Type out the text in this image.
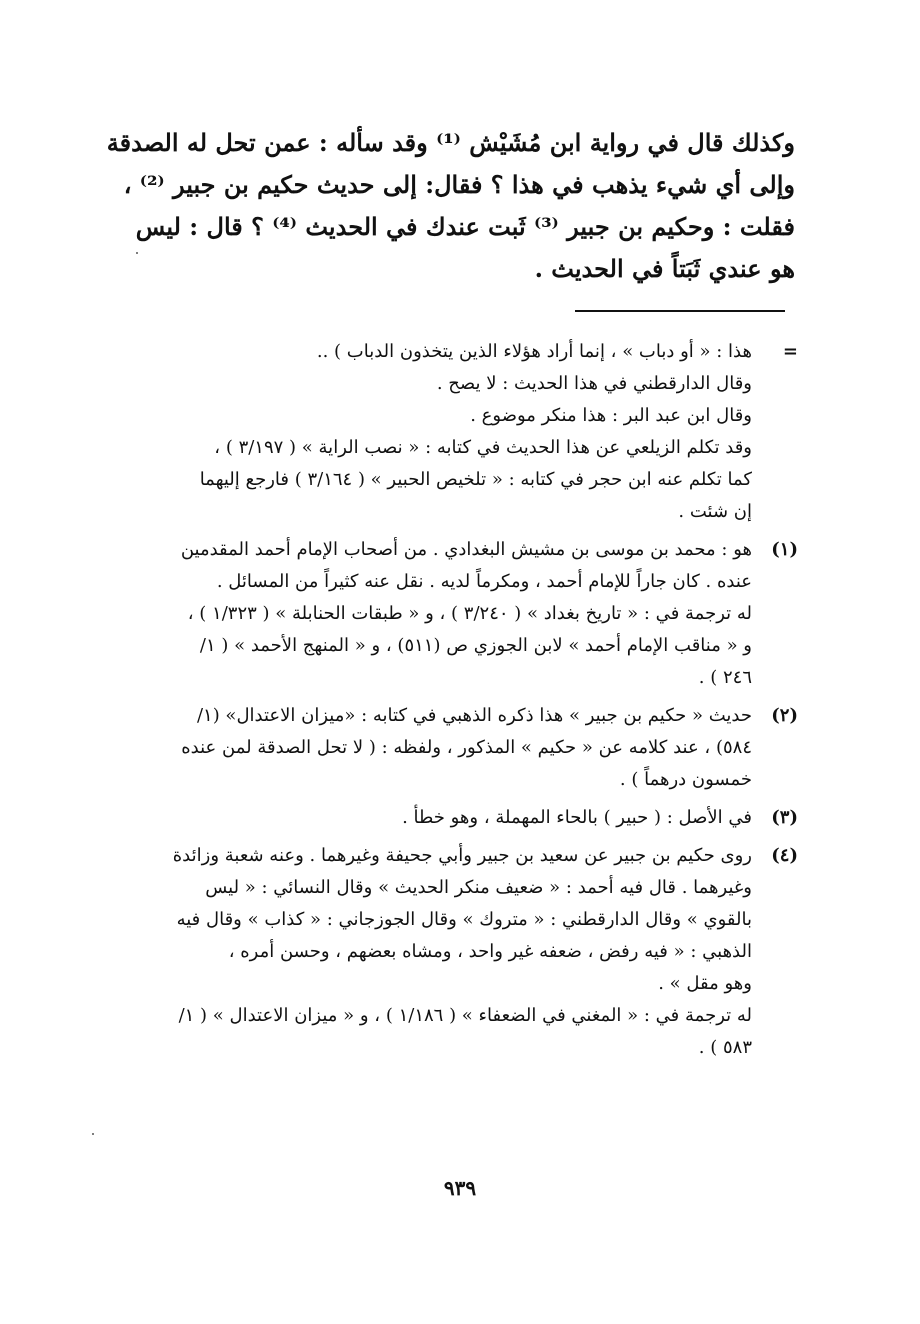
وكذلك قال في رواية ابن مُشَيْش ⁽¹⁾ وقد سأله : عمن تحل له الصدقة
وإلى أي شيء يذهب في هذا ؟ فقال: إلى حديث حكيم بن جبير ⁽²⁾ ،
فقلت : وحكيم بن جبير ⁽³⁾ ثَبت عندك في الحديث ⁽⁴⁾ ؟ قال : ليس
هو عندي ثَبَتاً في الحديث .
=
هذا : « أو دباب » ، إنما أراد هؤلاء الذين يتخذون الدباب ) ..
وقال الدارقطني في هذا الحديث : لا يصح .
وقال ابن عبد البر : هذا منكر موضوع .
وقد تكلم الزيلعي عن هذا الحديث في كتابه : « نصب الراية » ( ٣/١٩٧ ) ،
كما تكلم عنه ابن حجر في كتابه : « تلخيص الحبير » ( ٣/١٦٤ ) فارجع إليهما
إن شئت .
(١)
هو : محمد بن موسى بن مشيش البغدادي . من أصحاب الإمام أحمد المقدمين
عنده . كان جاراً للإمام أحمد ، ومكرماً لديه . نقل عنه كثيراً من المسائل .
له ترجمة في : « تاريخ بغداد » ( ٣/٢٤٠ ) ، و « طبقات الحنابلة » ( ١/٣٢٣ ) ،
و « مناقب الإمام أحمد » لابن الجوزي ص (٥١١) ، و « المنهج الأحمد » ( ١/
٢٤٦ ) .
(٢)
حديث « حكيم بن جبير » هذا ذكره الذهبي في كتابه : «ميزان الاعتدال» (١/
٥٨٤) ، عند كلامه عن « حكيم » المذكور ، ولفظه : ( لا تحل الصدقة لمن عنده
خمسون درهماً ) .
(٣)
في الأصل : ( حبير ) بالحاء المهملة ، وهو خطأ .
(٤)
روى حكيم بن جبير عن سعيد بن جبير وأبي جحيفة وغيرهما . وعنه شعبة وزائدة
وغيرهما . قال فيه أحمد : « ضعيف منكر الحديث » وقال النسائي : « ليس
بالقوي » وقال الدارقطني : « متروك » وقال الجوزجاني : « كذاب » وقال فيه
الذهبي : « فيه رفض ، ضعفه غير واحد ، ومشاه بعضهم ، وحسن أمره ،
وهو مقل » .
له ترجمة في : « المغني في الضعفاء » ( ١/١٨٦ ) ، و « ميزان الاعتدال » ( ١/
٥٨٣ ) .
٩٣٩
